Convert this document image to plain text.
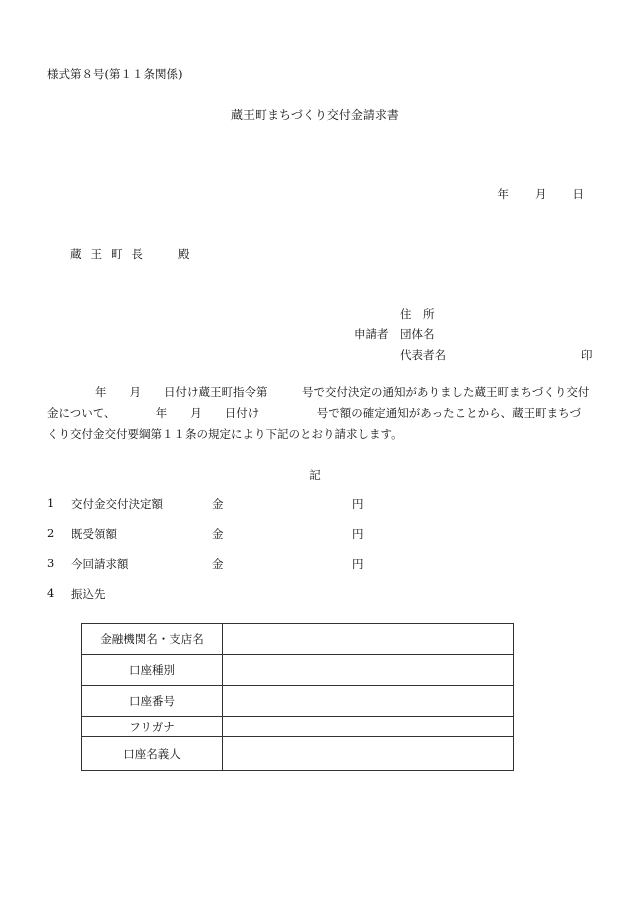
様式第８号(第１１条関係)
蔵王町まちづくり交付金請求書
年 月 日
蔵 王 町 長	殿
住　所
申請者 団体名
代表者名	印
年　　月　　日付け蔵王町指令第　　　号で交付決定の通知がありました蔵王町まちづくり交付
金について、　　　　年　　月　　日付け　　　　　号で額の確定通知があったことから、蔵王町まちづ
くり交付金交付要綱第１１条の規定により下記のとおり請求します。
記
1 交付金交付決定額	金	円
2 既受領額	金	円
3 今回請求額	金	円
4 振込先
金融機関名・支店名	
口座種別	
口座番号	
フリガナ	
口座名義人	
